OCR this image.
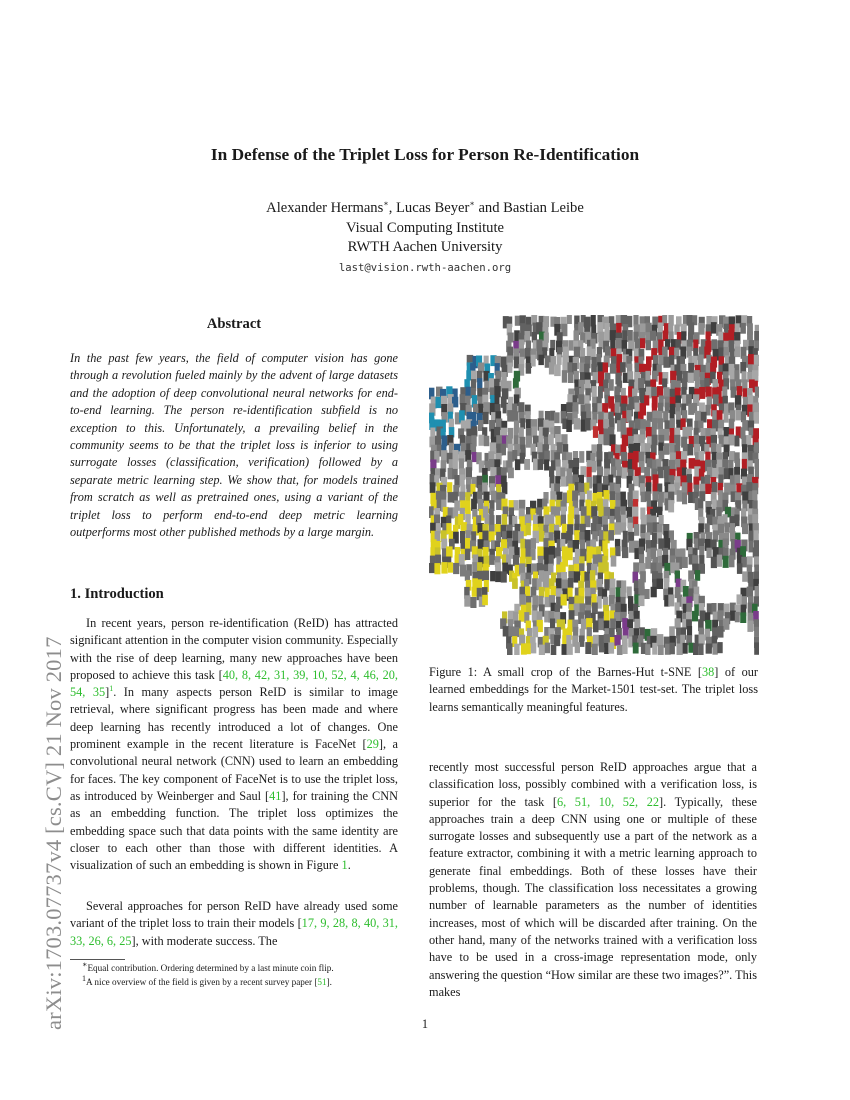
arXiv:1703.07737v4 [cs.CV] 21 Nov 2017
In Defense of the Triplet Loss for Person Re-Identification
Alexander Hermans∗, Lucas Beyer∗ and Bastian Leibe
Visual Computing Institute
RWTH Aachen University
last@vision.rwth-aachen.org
Abstract
In the past few years, the field of computer vision has gone through a revolution fueled mainly by the advent of large datasets and the adoption of deep convolutional neural networks for end-to-end learning. The person re-identification subfield is no exception to this. Unfortunately, a prevailing belief in the community seems to be that the triplet loss is inferior to using surrogate losses (classification, verification) followed by a separate metric learning step. We show that, for models trained from scratch as well as pretrained ones, using a variant of the triplet loss to perform end-to-end deep metric learning outperforms most other published methods by a large margin.
1. Introduction

In recent years, person re-identification (ReID) has attracted significant attention in the computer vision community. Especially with the rise of deep learning, many new approaches have been proposed to achieve this task [40, 8, 42, 31, 39, 10, 52, 4, 46, 20, 54, 35]$^1$. In many aspects person ReID is similar to image retrieval, where significant progress has been made and where deep learning has recently introduced a lot of changes. One prominent example in the recent literature is FaceNet [29], a convolutional neural network (CNN) used to learn an embedding for faces. The key component of FaceNet is to use the triplet loss, as introduced by Weinberger and Saul [41], for training the CNN as an embedding function. The triplet loss optimizes the embedding space such that data points with the same identity are closer to each other than those with different identities. A visualization of such an embedding is shown in Figure 1.

Several approaches for person ReID have already used some variant of the triplet loss to train their models [17, 9, 28, 8, 40, 31, 33, 26, 6, 25], with moderate success. The

∗Equal contribution. Ordering determined by a last minute coin flip.
$^1$A nice overview of the field is given by a recent survey paper [51].
Figure 1: A small crop of the Barnes-Hut t-SNE [38] of our learned embeddings for the Market-1501 test-set. The triplet loss learns semantically meaningful features.

recently most successful person ReID approaches argue that a classification loss, possibly combined with a verification loss, is superior for the task [6, 51, 10, 52, 22]. Typically, these approaches train a deep CNN using one or multiple of these surrogate losses and subsequently use a part of the network as a feature extractor, combining it with a metric learning approach to generate final embeddings. Both of these losses have their problems, though. The classification loss necessitates a growing number of learnable parameters as the number of identities increases, most of which will be discarded after training. On the other hand, many of the networks trained with a verification loss have to be used in a cross-image representation mode, only answering the question “How similar are these two images?”. This makes

1
